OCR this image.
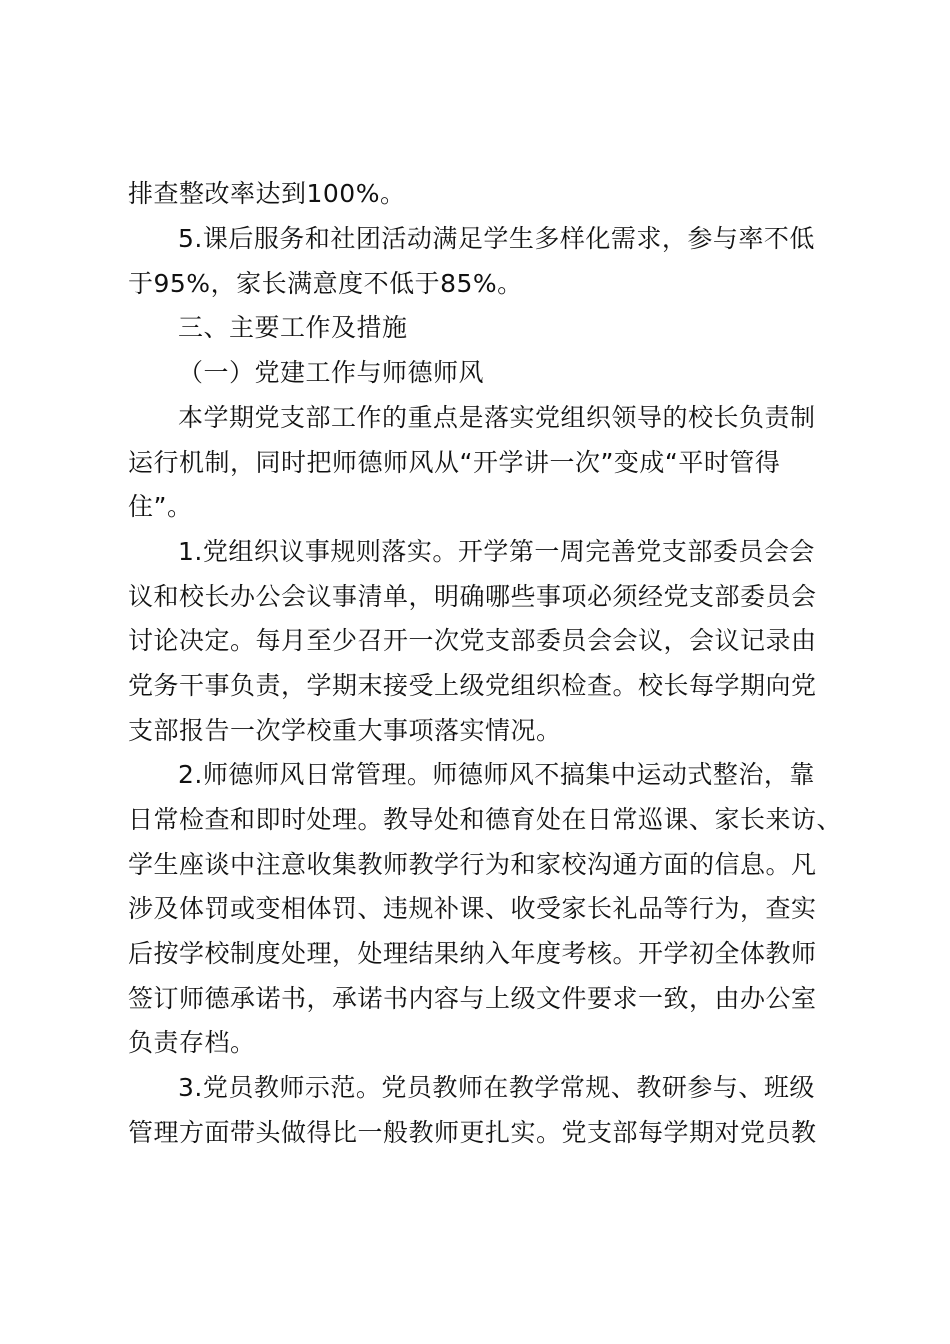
排查整改率达到100%。
5.课后服务和社团活动满足学生多样化需求，参与率不低
于95%，家长满意度不低于85%。
三、主要工作及措施
（一）党建工作与师德师风
本学期党支部工作的重点是落实党组织领导的校长负责制
运行机制，同时把师德师风从“开学讲一次”变成“平时管得
住”。
1.党组织议事规则落实。开学第一周完善党支部委员会会
议和校长办公会议事清单，明确哪些事项必须经党支部委员会
讨论决定。每月至少召开一次党支部委员会会议，会议记录由
党务干事负责，学期末接受上级党组织检查。校长每学期向党
支部报告一次学校重大事项落实情况。
2.师德师风日常管理。师德师风不搞集中运动式整治，靠
日常检查和即时处理。教导处和德育处在日常巡课、家长来访、
学生座谈中注意收集教师教学行为和家校沟通方面的信息。凡
涉及体罚或变相体罚、违规补课、收受家长礼品等行为，查实
后按学校制度处理，处理结果纳入年度考核。开学初全体教师
签订师德承诺书，承诺书内容与上级文件要求一致，由办公室
负责存档。
3.党员教师示范。党员教师在教学常规、教研参与、班级
管理方面带头做得比一般教师更扎实。党支部每学期对党员教
